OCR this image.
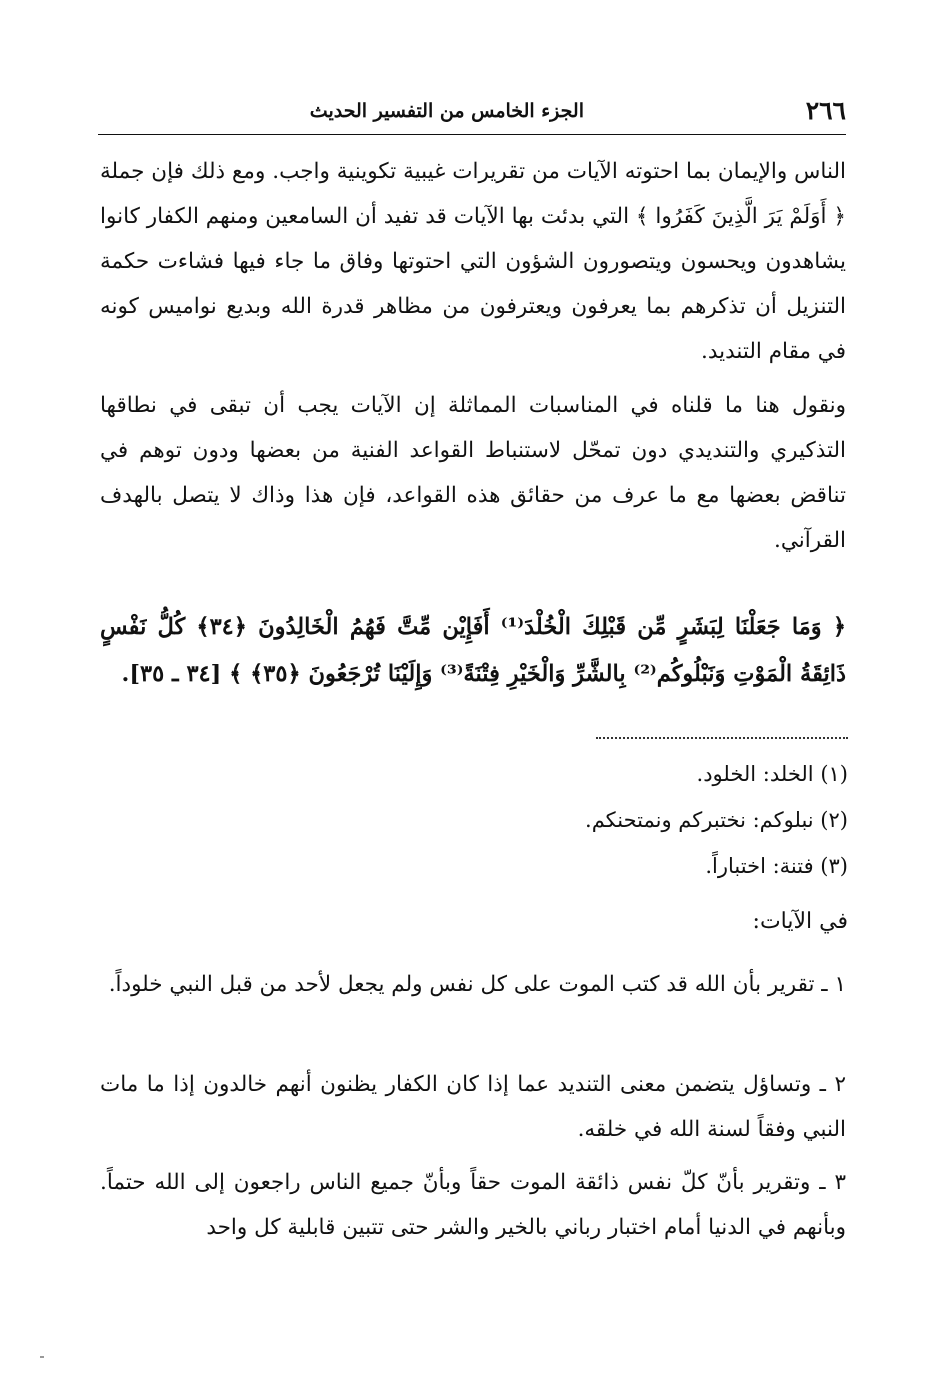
٢٦٦
الجزء الخامس من التفسير الحديث

الناس والإيمان بما احتوته الآيات من تقريرات غيبية تكوينية واجب. ومع ذلك فإن جملة ﴿ أَوَلَمْ يَرَ الَّذِينَ كَفَرُوا ﴾ التي بدئت بها الآيات قد تفيد أن السامعين ومنهم الكفار كانوا يشاهدون ويحسون ويتصورون الشؤون التي احتوتها وفاق ما جاء فيها فشاءت حكمة التنزيل أن تذكرهم بما يعرفون ويعترفون من مظاهر قدرة الله وبديع نواميس كونه في مقام التنديد.

ونقول هنا ما قلناه في المناسبات المماثلة إن الآيات يجب أن تبقى في نطاقها التذكيري والتنديدي دون تمحّل لاستنباط القواعد الفنية من بعضها ودون توهم في تناقض بعضها مع ما عرف من حقائق هذه القواعد، فإن هذا وذاك لا يتصل بالهدف القرآني.

﴿ وَمَا جَعَلْنَا لِبَشَرٍ مِّن قَبْلِكَ الْخُلْدَ⁽¹⁾ أَفَإِيْن مِّتَّ فَهُمُ الْخَالِدُونَ ﴿٣٤﴾ كُلُّ نَفْسٍ ذَائِقَةُ الْمَوْتِ وَنَبْلُوكُم⁽²⁾ بِالشَّرِّ وَالْخَيْرِ فِتْنَةً⁽³⁾ وَإِلَيْنَا تُرْجَعُونَ ﴿٣٥﴾ ﴾ [٣٤ ـ ٣٥].

(١) الخلد: الخلود.

(٢) نبلوكم: نختبركم ونمتحنكم.

(٣) فتنة: اختباراً.

في الآيات:

١ ـ تقرير بأن الله قد كتب الموت على كل نفس ولم يجعل لأحد من قبل النبي خلوداً.

٢ ـ وتساؤل يتضمن معنى التنديد عما إذا كان الكفار يظنون أنهم خالدون إذا ما مات النبي وفقاً لسنة الله في خلقه.

٣ ـ وتقرير بأنّ كلّ نفس ذائقة الموت حقاً وبأنّ جميع الناس راجعون إلى الله حتماً. وبأنهم في الدنيا أمام اختبار رباني بالخير والشر حتى تتبين قابلية كل واحد
